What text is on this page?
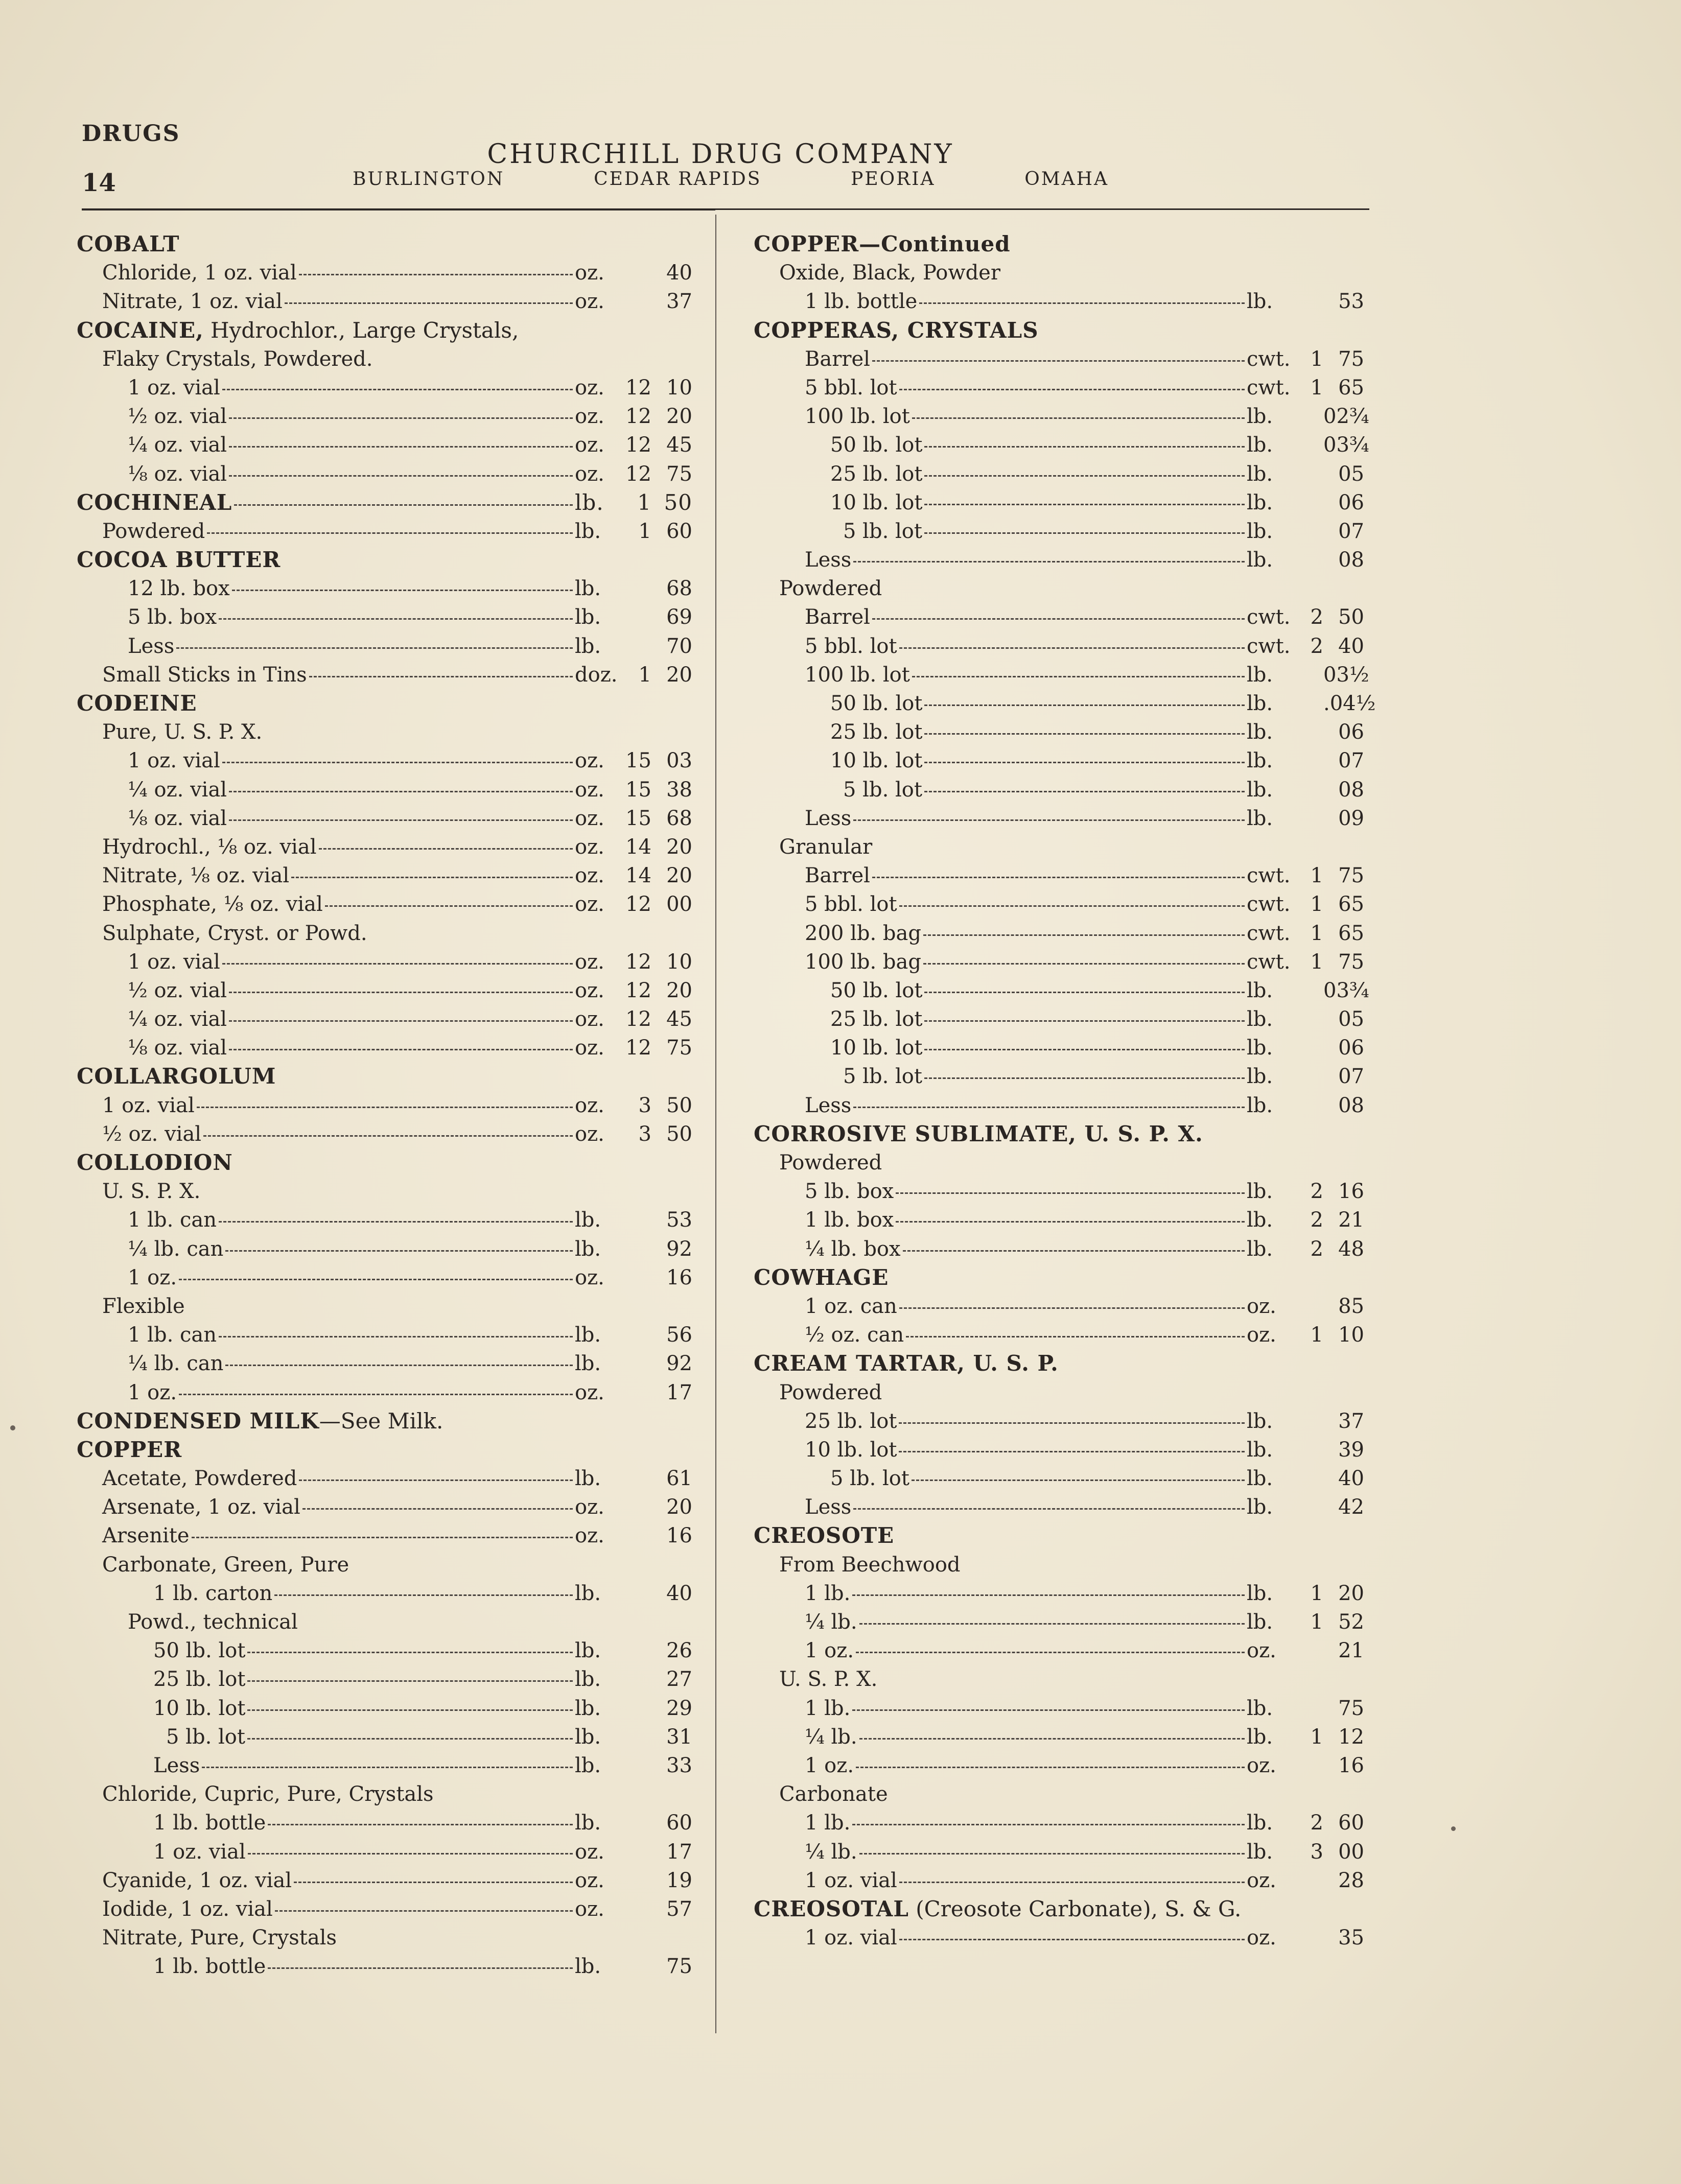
DRUGS
14
CHURCHILL DRUG COMPANY
BURLINGTON	CEDAR RAPIDS	PEORIA	OMAHA
COBALT
Chloride, 1 oz. vial	oz.	40
Nitrate, 1 oz. vial	oz.	37
COCAINE, Hydrochlor., Large Crystals,
Flaky Crystals, Powdered.
1 oz. vial	oz.	12 10
½ oz. vial	oz.	12 20
¼ oz. vial	oz.	12 45
⅛ oz. vial	oz.	12 75
COCHINEAL	lb.	1 50
Powdered	lb.	1 60
COCOA BUTTER
12 lb. box	lb.	68
5 lb. box	lb.	69
Less	lb.	70
Small Sticks in Tins	doz.	1 20
CODEINE
Pure, U. S. P. X.
1 oz. vial	oz.	15 03
¼ oz. vial	oz.	15 38
⅛ oz. vial	oz.	15 68
Hydrochl., ⅛ oz. vial	oz.	14 20
Nitrate, ⅛ oz. vial	oz.	14 20
Phosphate, ⅛ oz. vial	oz.	12 00
Sulphate, Cryst. or Powd.
1 oz. vial	oz.	12 10
½ oz. vial	oz.	12 20
¼ oz. vial	oz.	12 45
⅛ oz. vial	oz.	12 75
COLLARGOLUM
1 oz. vial	oz.	3 50
½ oz. vial	oz.	3 50
COLLODION
U. S. P. X.
1 lb. can	lb.	53
¼ lb. can	lb.	92
1 oz.	oz.	16
Flexible
1 lb. can	lb.	56
¼ lb. can	lb.	92
1 oz.	oz.	17
CONDENSED MILK—See Milk.
COPPER
Acetate, Powdered	lb.	61
Arsenate, 1 oz. vial	oz.	20
Arsenite	oz.	16
Carbonate, Green, Pure
1 lb. carton	lb.	40
Powd., technical
50 lb. lot	lb.	26
25 lb. lot	lb.	27
10 lb. lot	lb.	29
5 lb. lot	lb.	31
Less	lb.	33
Chloride, Cupric, Pure, Crystals
1 lb. bottle	lb.	60
1 oz. vial	oz.	17
Cyanide, 1 oz. vial	oz.	19
Iodide, 1 oz. vial	oz.	57
Nitrate, Pure, Crystals
1 lb. bottle	lb.	75
COPPER—Continued
Oxide, Black, Powder
1 lb. bottle	lb.	53
COPPERAS, CRYSTALS
Barrel	cwt. 1 75
5 bbl. lot	cwt. 1 65
100 lb. lot	lb.	02¾
50 lb. lot	lb.	03¾
25 lb. lot	lb.	05
10 lb. lot	lb.	06
5 lb. lot	lb.	07
Less	lb.	08
Powdered
Barrel	cwt. 2 50
5 bbl. lot	cwt. 2 40
100 lb. lot	lb.	03½
50 lb. lot	lb.	.04½
25 lb. lot	lb.	06
10 lb. lot	lb.	07
5 lb. lot	lb.	08
Less	lb.	09
Granular
Barrel	cwt. 1 75
5 bbl. lot	cwt. 1 65
200 lb. bag	cwt. 1 65
100 lb. bag	cwt. 1 75
50 lb. lot	lb.	03¾
25 lb. lot	lb.	05
10 lb. lot	lb.	06
5 lb. lot	lb.	07
Less	lb.	08
CORROSIVE SUBLIMATE, U. S. P. X.
Powdered
5 lb. box	lb.	2 16
1 lb. box	lb.	2 21
¼ lb. box	lb.	2 48
COWHAGE
1 oz. can	oz.	85
½ oz. can	oz.	1 10
CREAM TARTAR, U. S. P.
Powdered
25 lb. lot	lb.	37
10 lb. lot	lb.	39
5 lb. lot	lb.	40
Less	lb.	42
CREOSOTE
From Beechwood
1 lb.	lb.	1 20
¼ lb.	lb.	1 52
1 oz.	oz.	21
U. S. P. X.
1 lb.	lb.	75
¼ lb.	lb.	1 12
1 oz.	oz.	16
Carbonate
1 lb.	lb.	2 60
¼ lb.	lb.	3 00
1 oz. vial	oz.	28
CREOSOTAL (Creosote Carbonate), S. & G.
1 oz. vial	oz.	35
